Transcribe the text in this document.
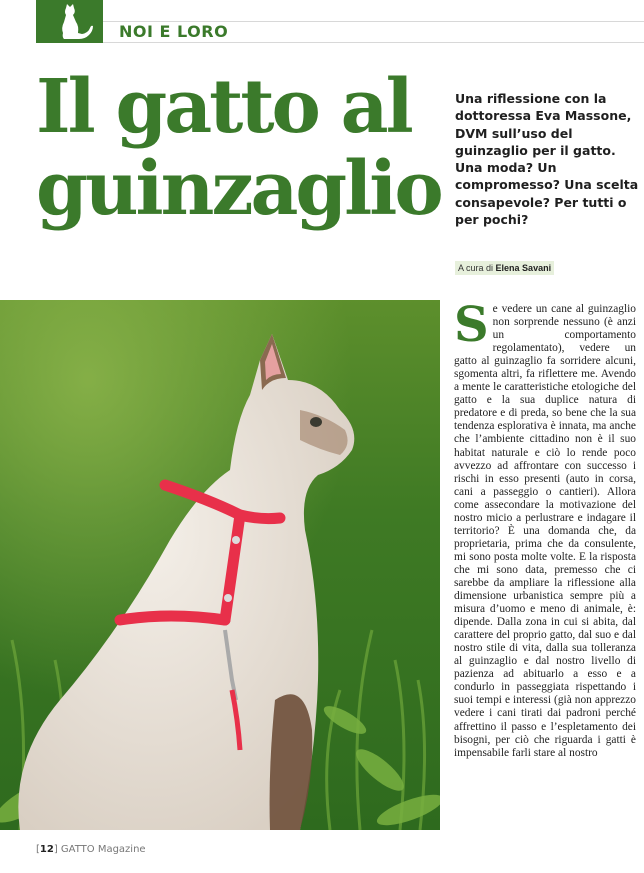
NOI E LORO
Il gatto al guinzaglio

Una riflessione con la dottoressa Eva Massone, DVM sull’uso del guinzaglio per il gatto. Una moda? Un compromesso? Una scelta consapevole? Per tutti o per pochi?

A cura di Elena Savani
S e vedere un cane al guinzaglio non sorprende nessuno (è anzi un comportamento regolamentato), vedere un gatto al guinzaglio fa sorridere alcuni, sgomenta altri, fa riflettere me. Avendo a mente le caratteristiche etologiche del gatto e la sua duplice natura di predatore e di preda, so bene che la sua tendenza esplorativa è innata, ma anche che l’ambiente cittadino non è il suo habitat naturale e ciò lo rende poco avvezzo ad affrontare con successo i rischi in esso presenti (auto in corsa, cani a passeggio o cantieri). Allora come assecondare la motivazione del nostro micio a perlustrare e indagare il territorio? È una domanda che, da proprietaria, prima che da consulente, mi sono posta molte volte. E la risposta che mi sono data, premesso che ci sarebbe da ampliare la riflessione alla dimensione urbanistica sempre più a misura d’uomo e meno di animale, è: dipende. Dalla zona in cui si abita, dal carattere del proprio gatto, dal suo e dal nostro stile di vita, dalla sua tolleranza al guinzaglio e dal nostro livello di pazienza ad abituarlo a esso e a condurlo in passeggiata rispettando i suoi tempi e interessi (già non apprezzo vedere i cani tirati dai padroni perché affrettino il passo e l’espletamento dei bisogni, per ciò che riguarda i gatti è impensabile farli stare al nostro

[12] GATTO Magazine
